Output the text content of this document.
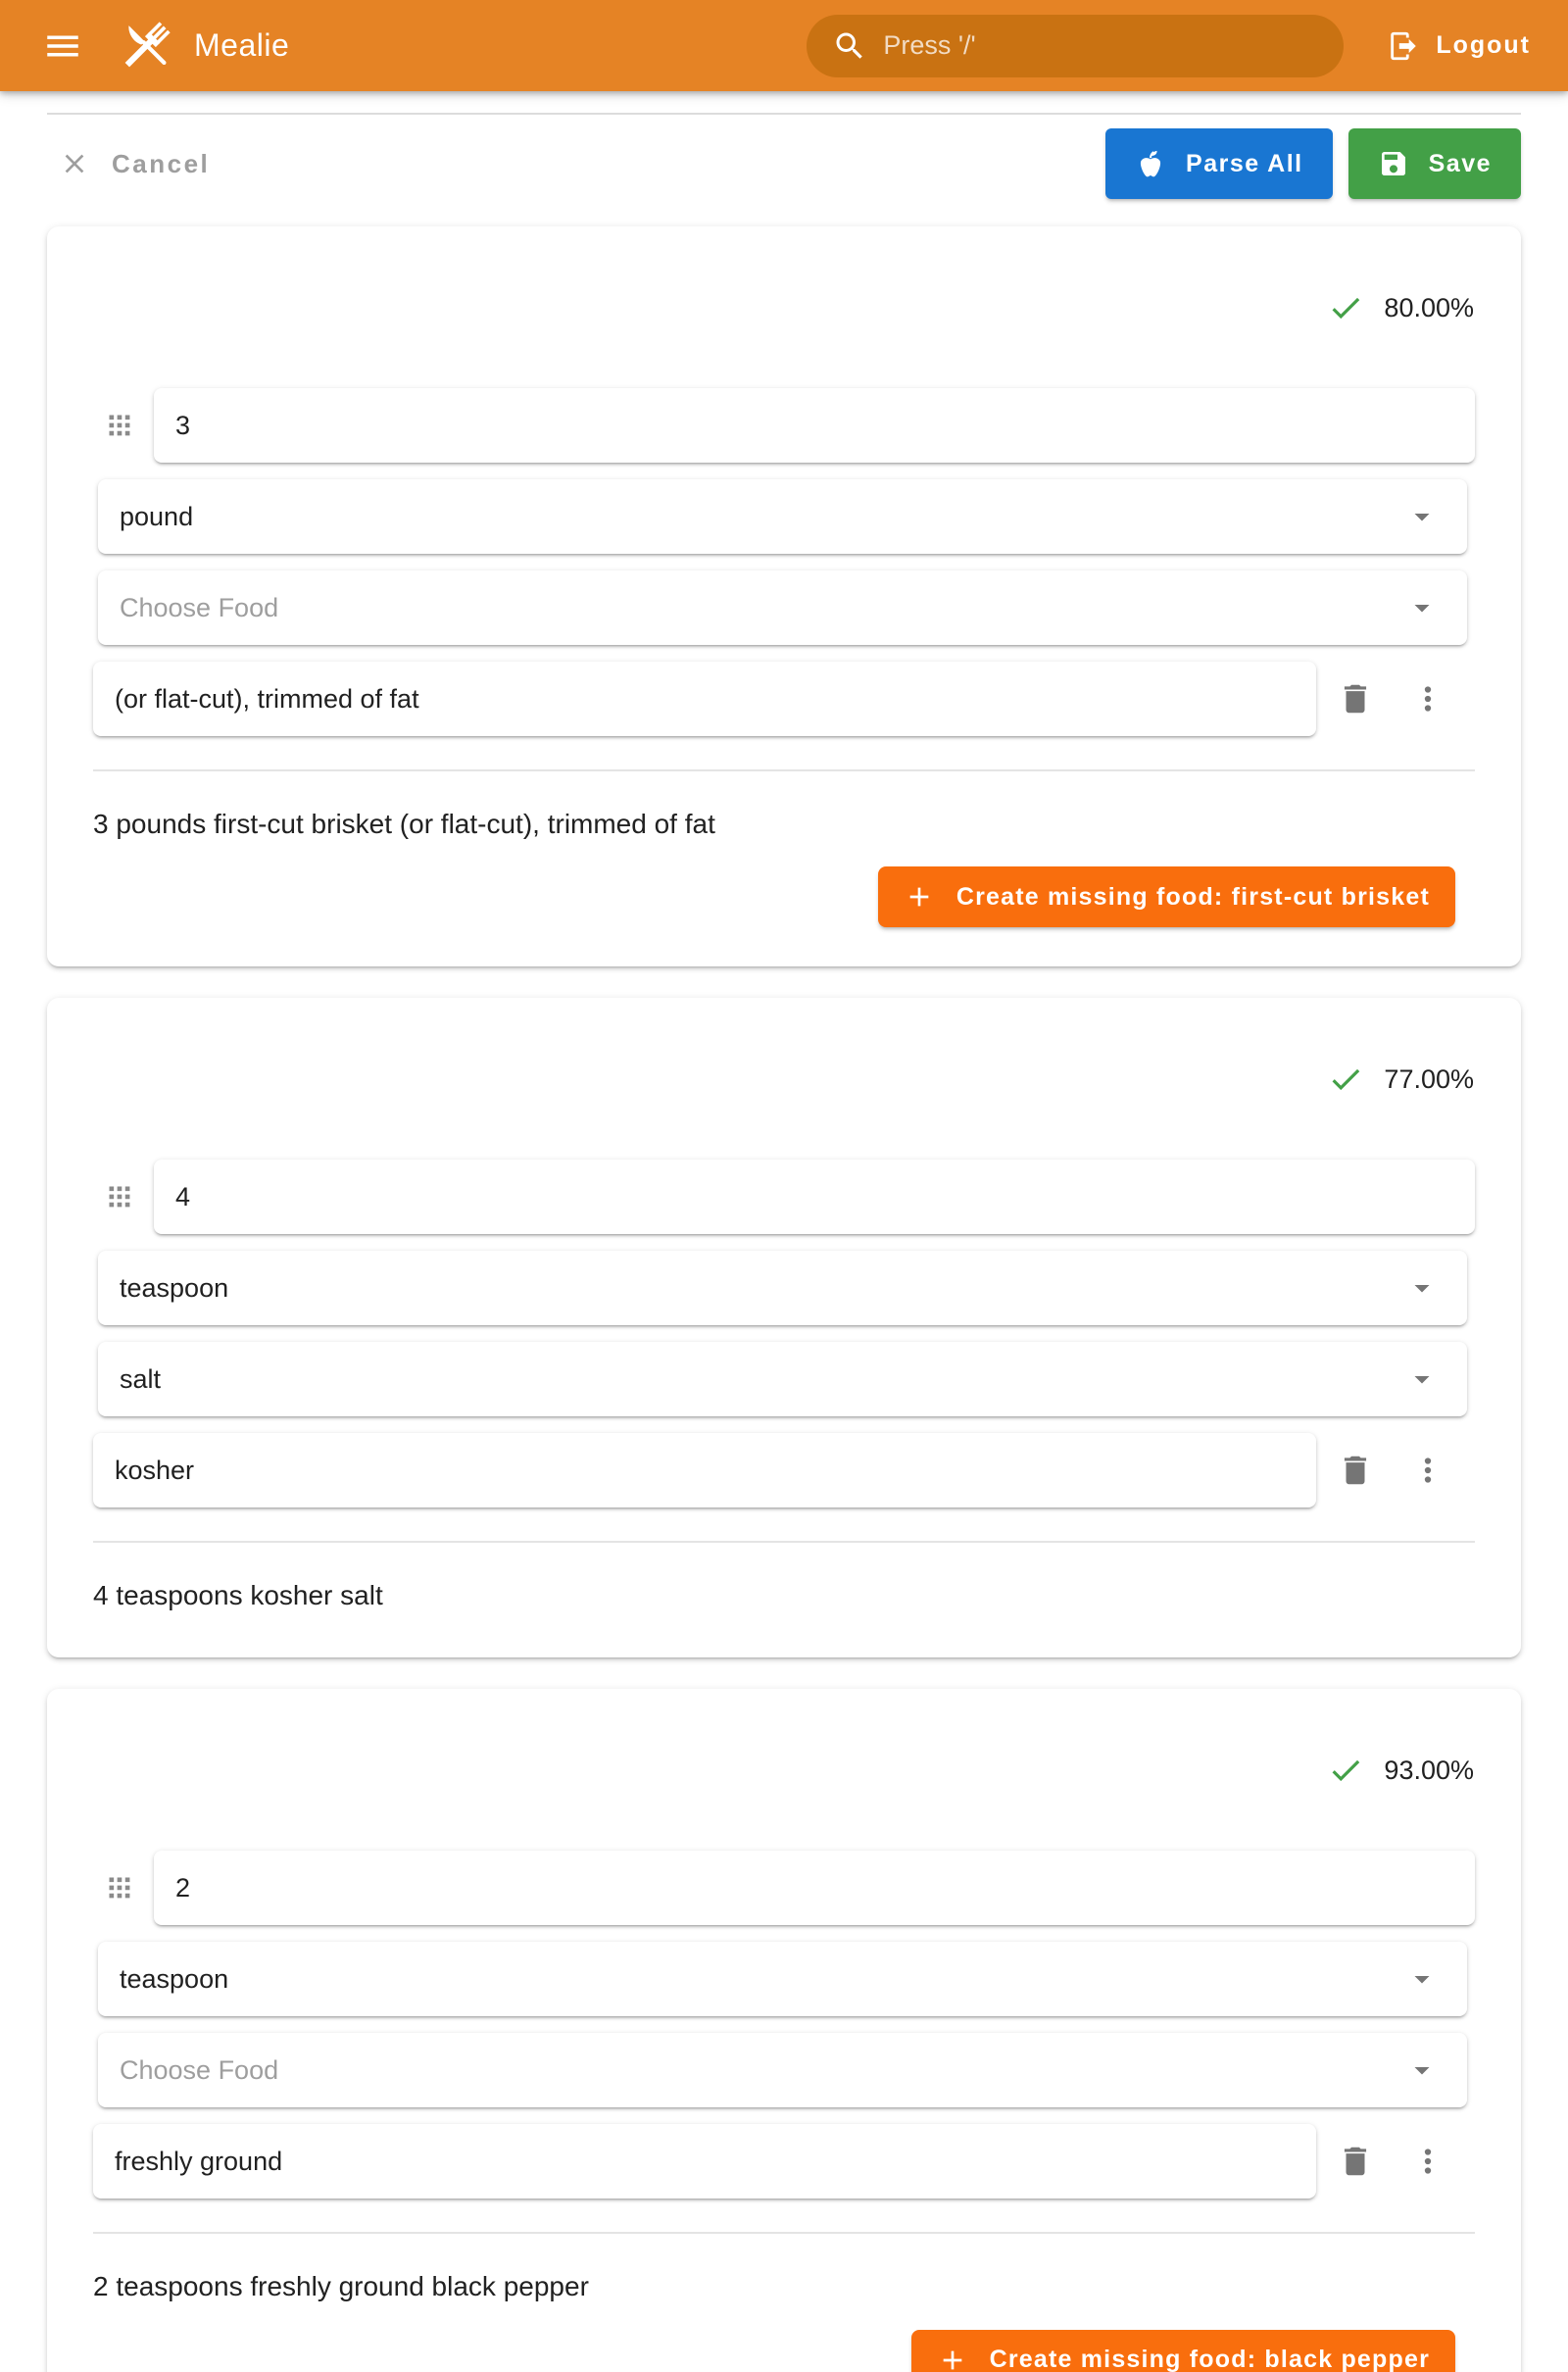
Mealie
Press '/'	Logout
Cancel	Parse All	Save
80.00%
3
pound
Choose Food
(or flat-cut), trimmed of fat

3 pounds first-cut brisket (or flat-cut), trimmed of fat

Create missing food: first-cut brisket
77.00%
4
teaspoon
salt
kosher

4 teaspoons kosher salt

93.00%
2
teaspoon
Choose Food
freshly ground

2 teaspoons freshly ground black pepper

Create missing food: black pepper
